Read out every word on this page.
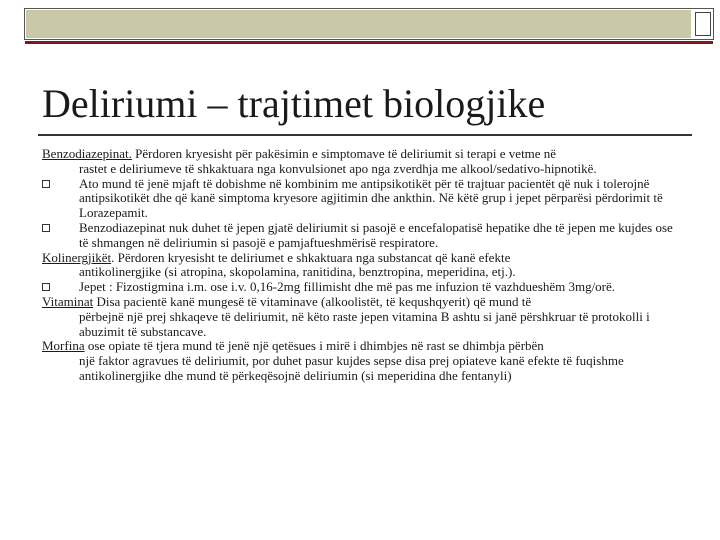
Deliriumi – trajtimet biologjike

Benzodiazepinat. Përdoren kryesisht për pakësimin e simptomave të deliriumit si terapi e vetme në
rastet e deliriumeve të shkaktuara nga konvulsionet apo nga zverdhja me alkool/sedativo-hipnotikë.

Ato mund të jenë mjaft të dobishme në kombinim me antipsikotikët për të trajtuar pacientët që nuk i tolerojnë antipsikotikët dhe që kanë simptoma kryesore agjitimin dhe ankthin. Në këtë grup i jepet përparësi përdorimit të Lorazepamit.

Benzodiazepinat nuk duhet të jepen gjatë deliriumit si pasojë e encefalopatisë hepatike dhe të jepen me kujdes ose të shmangen në deliriumin si pasojë e pamjaftueshmërisë respiratore.

Kolinergjikët. Përdoren kryesisht te deliriumet e shkaktuara nga substancat që kanë efekte
antikolinergjike (si atropina, skopolamina, ranitidina, benztropina, meperidina, etj.).

Jepet : Fizostigmina i.m. ose i.v. 0,16-2mg fillimisht dhe më pas me infuzion të vazhdueshëm 3mg/orë.

Vitaminat Disa pacientë kanë mungesë të vitaminave (alkoolistët, të kequshqyerit) që mund të
përbejnë një prej shkaqeve të deliriumit, në këto raste jepen vitamina B ashtu si janë përshkruar të protokolli i abuzimit të substancave.

Morfina ose opiate të tjera mund të jenë një qetësues i mirë i dhimbjes në rast se dhimbja përbën
një faktor agravues të deliriumit, por duhet pasur kujdes sepse disa prej opiateve kanë efekte të fuqishme antikolinergjike dhe mund të përkeqësojnë deliriumin (si meperidina dhe fentanyli)
